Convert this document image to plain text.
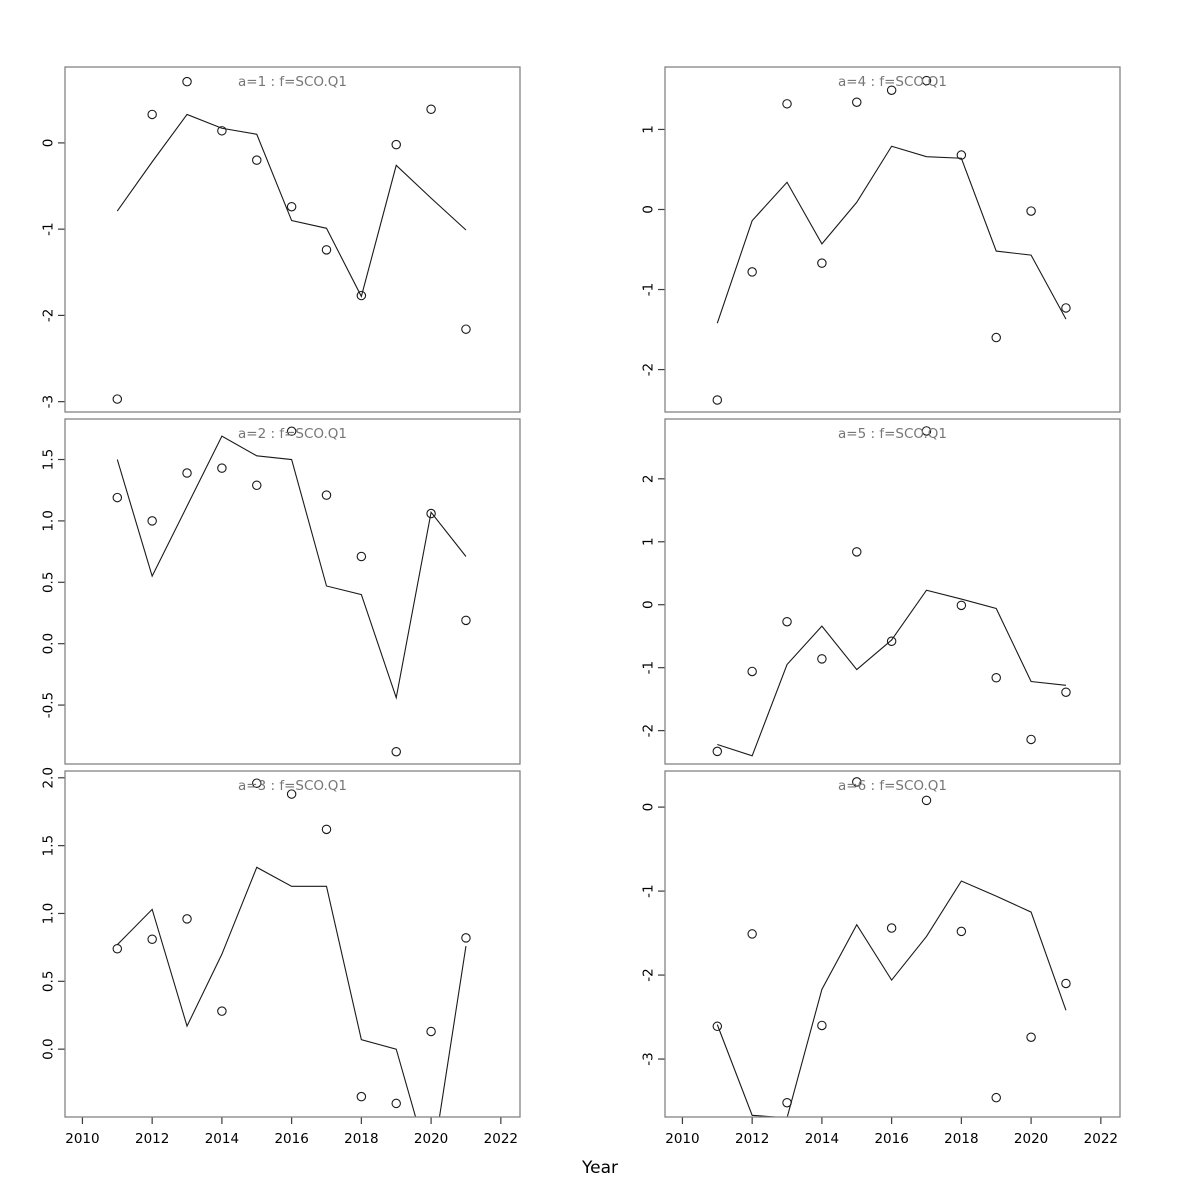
0
-1
-2
-3
a=1 : f=SCO.Q1
1.5
1.0
0.5
0.0
-0.5
a=2 : f=SCO.Q1
2.0
1.5
1.0
0.5
0.0
2010	2012	2014	2016	2018	2020	2022
a=3 : f=SCO.Q1
1
0
-1
-2
a=4 : f=SCO.Q1
2
1
0
-1
-2
a=5 : f=SCO.Q1
0
-1
-2
-3
2010	2012	2014	2016	2018	2020	2022
a=6 : f=SCO.Q1
Year
